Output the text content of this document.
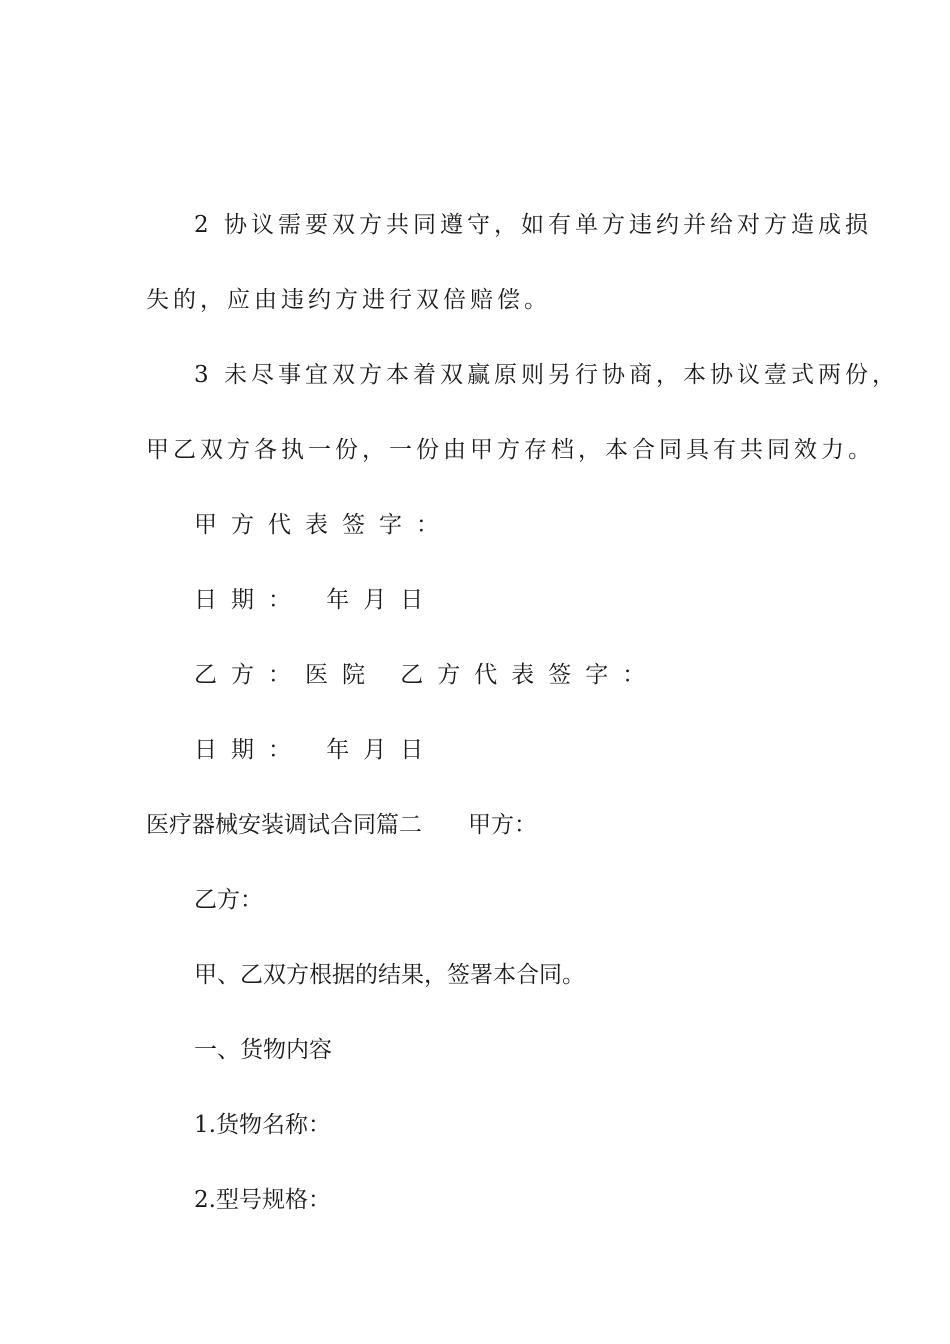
2 协议需要双方共同遵守，如有单方违约并给对方造成损
失的，应由违约方进行双倍赔偿。
3 未尽事宜双方本着双赢原则另行协商，本协议壹式两份，
甲乙双方各执一份，一份由甲方存档，本合同具有共同效力。
甲方代表签字：
日期： 年月日
乙方：医院 乙方代表签字：
日期： 年月日
医疗器械安装调试合同篇二　　甲方：
乙方：
甲、乙双方根据的结果，签署本合同。
一、货物内容
1.货物名称：
2.型号规格：
